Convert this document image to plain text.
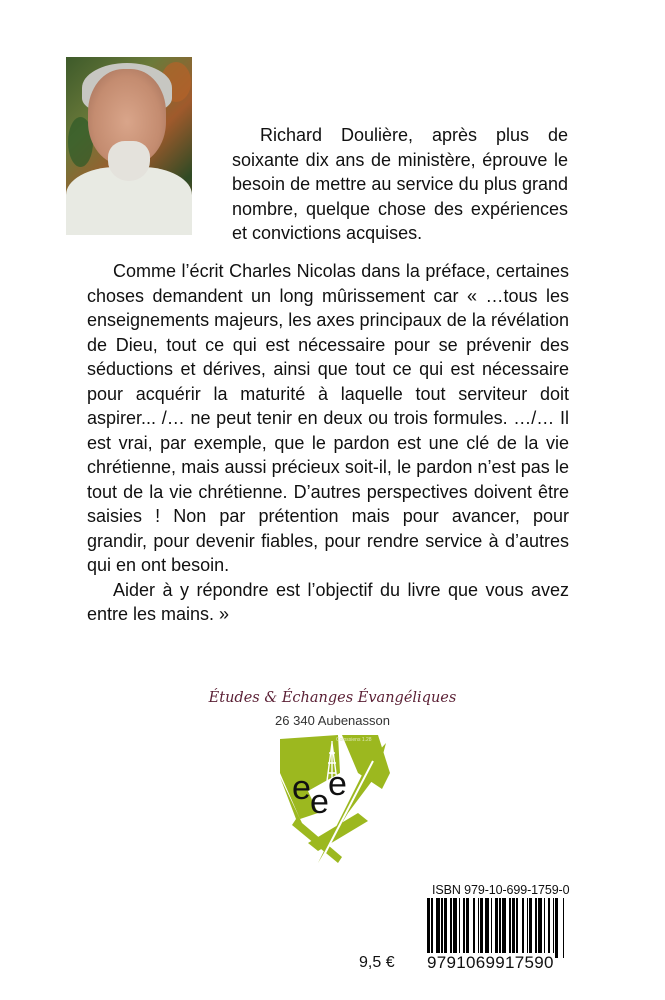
Richard Doulière, après plus de soixante dix ans de ministère, éprouve le besoin de mettre au service du plus grand nombre, quelque chose des expériences et convictions acquises.

Comme l’écrit Charles Nicolas dans la préface, certaines choses demandent un long mûrissement car « …tous les enseignements majeurs, les axes principaux de la révélation de Dieu, tout ce qui est nécessaire pour se prévenir des séductions et dérives, ainsi que tout ce qui est nécessaire pour acquérir la maturité à laquelle tout serviteur doit aspirer... /… ne peut tenir en deux ou trois formules. …/… Il est vrai, par exemple, que le pardon est une clé de la vie chrétienne, mais aussi précieux soit-il, le pardon n’est pas le tout de la vie chrétienne. D’autres perspectives doivent être saisies ! Non par prétention mais pour avancer, pour grandir, pour devenir fiables, pour rendre service à d’autres qui en ont besoin.

Aider à y répondre est l’objectif du livre que vous avez entre les mains. »

Études & Échanges Évangéliques
26 340 Aubenasson
Colossiens 1.28
e e e
ISBN 979-10-699-1759-0
9791069917590
9,5 €
